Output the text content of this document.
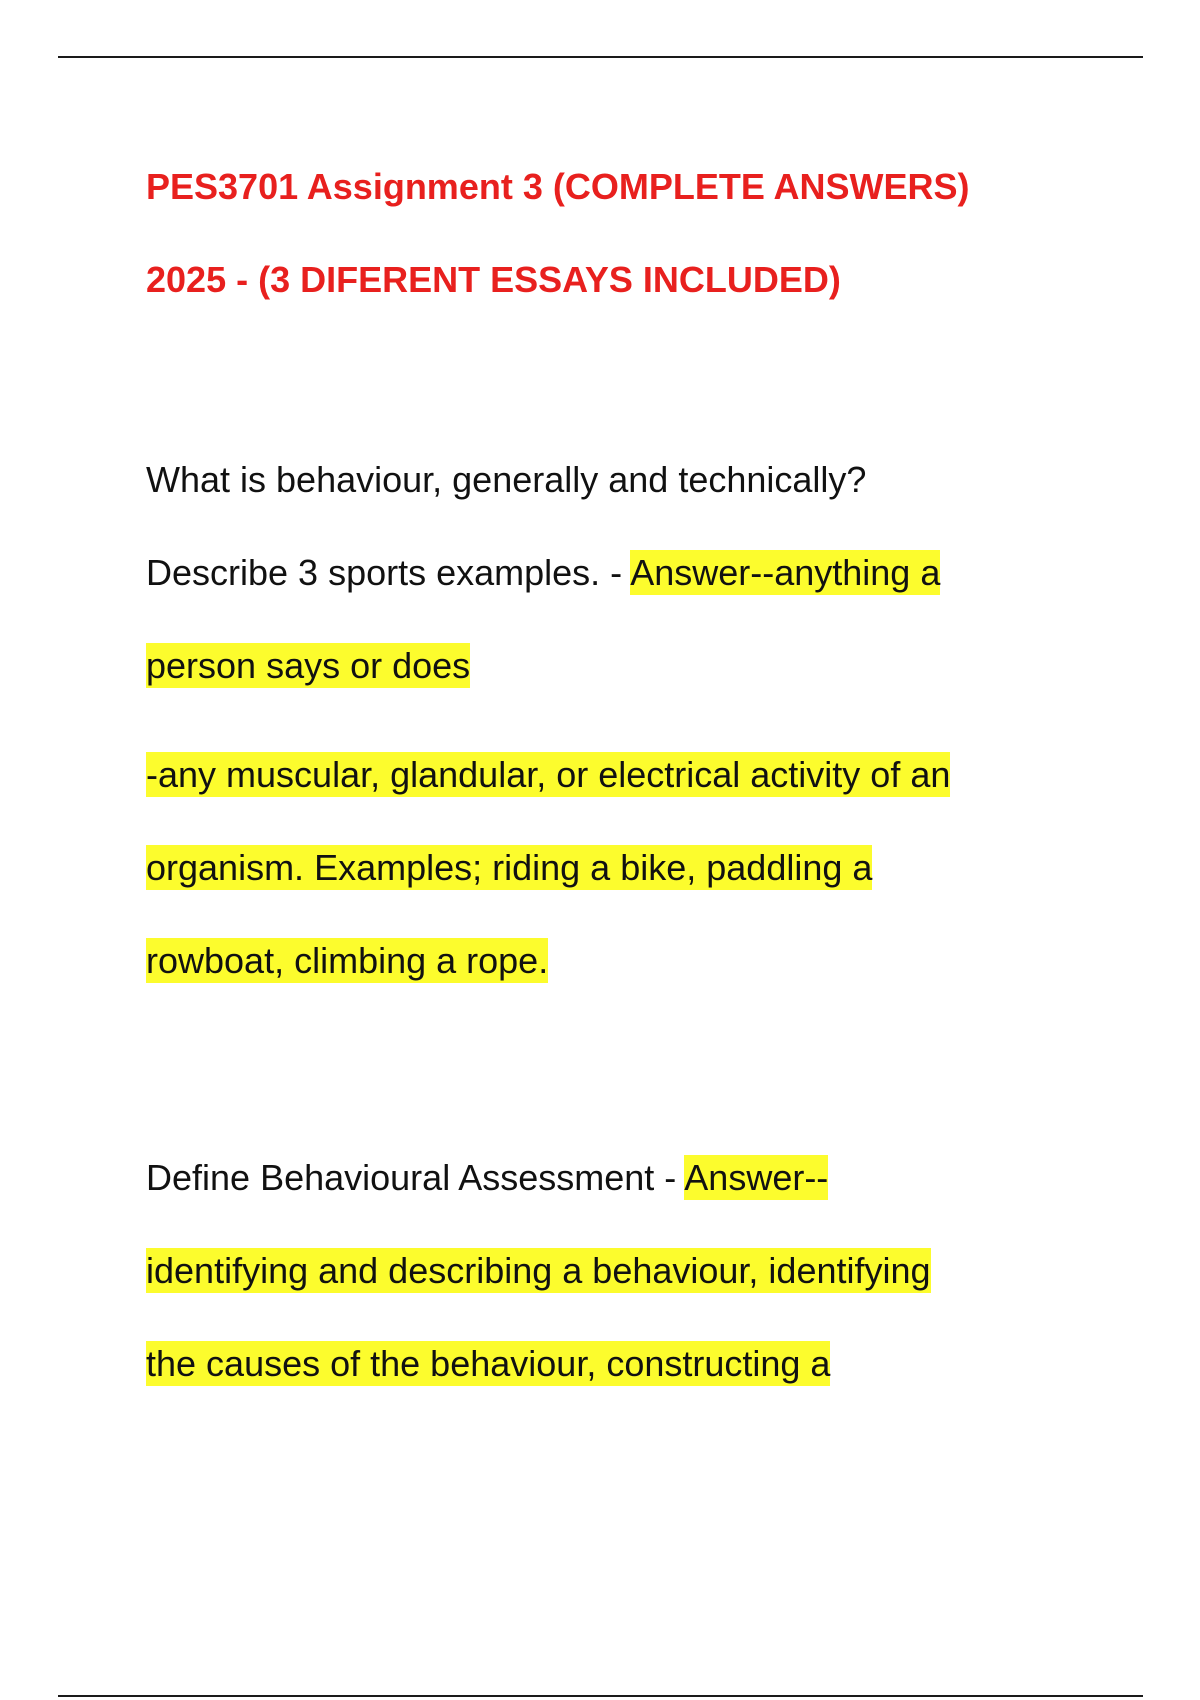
PES3701 Assignment 3 (COMPLETE ANSWERS)
2025 - (3 DIFERENT ESSAYS INCLUDED)
What is behaviour, generally and technically?
Describe 3 sports examples. - Answer--anything a
person says or does
-any muscular, glandular, or electrical activity of an
organism. Examples; riding a bike, paddling a
rowboat, climbing a rope.
Define Behavioural Assessment - Answer--
identifying and describing a behaviour, identifying
the causes of the behaviour, constructing a
